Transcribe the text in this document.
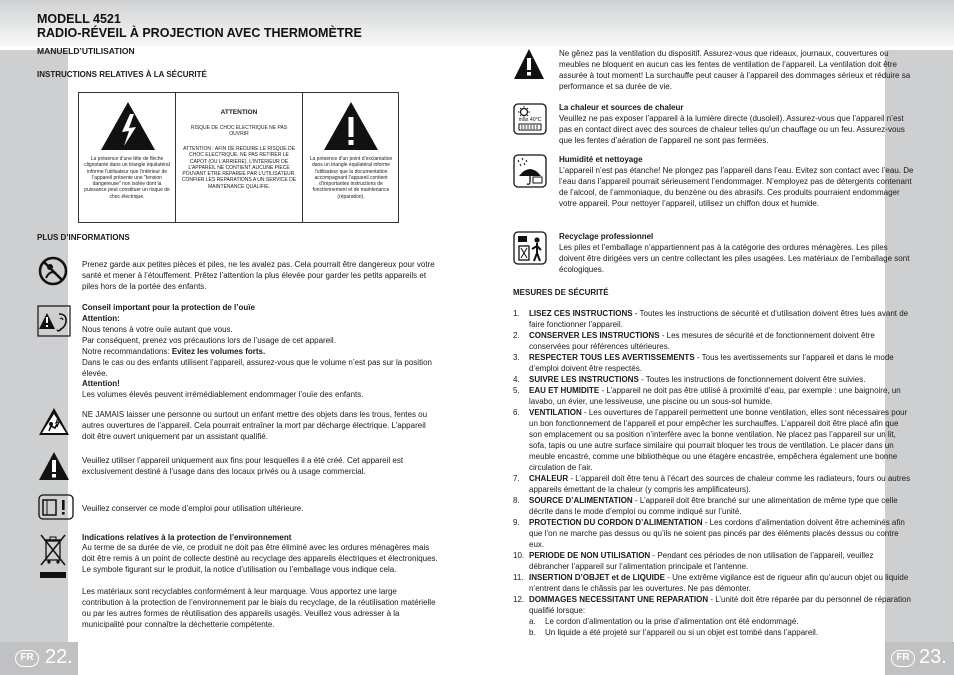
FR 22.	FR 23.
MODELL 4521
RADIO-RÉVEIL À PROJECTION AVEC THERMOMÈTRE
MANUELD’UTILISATION
INSTRUCTIONS RELATIVES À LA SÉCURITÉ
La présence d’une tête de flèche clignotante dans un triangle équilatéral informe l’utilisateur que l’intérieur de l’appareil présente une "tension dangereuse" non isolée dont la puissance peut constituer un risque de choc électrique.
ATTENTION
RISQUE DE CHOC ELECTRIQUE NE PAS OUVRIR
ATTENTION : AFIN DE REDUIRE LE RISQUE DE CHOC ELECTRIQUE, NE PAS RETIRER LE CAPOT (OU L’ARRIERE). L’INTERIEUR DE L’APPAREIL NE CONTIENT AUCUNE PIECE POUVANT ETRE REPAREE PAR L’UTILISATEUR. CONFIER LES REPARATIONS A UN SERVICE DE MAINTENANCE QUALIFIE.
La présence d’un point d’exclamation dans un triangle équilatéral informe l’utilisateur que la documentation accompagnant l’appareil contient d’importantes instructions de fonctionnement et de maintenance (réparation).
PLUS D’INFORMATIONS
Prenez garde aux petites pièces et piles, ne les avalez pas. Cela pourrait être dangereux pour votre santé et mener à l’étouffement. Prêtez l’attention la plus élevée pour garder les petits appareils et piles hors de la portée des enfants.
Conseil important pour la protection de l’ouïe
Attention:
Nous tenons à votre ouïe autant que vous.
Par conséquent, prenez vos précautions lors de l’usage de cet appareil.
Notre recommandations: Evitez les volumes forts.
Dans le cas ou des enfants utilisent l’appareil, assurez-vous que le volume n’est pas sur la position élevée.
Attention!
Les volumes élevés peuvent irrémédiablement endommager l’ouïe des enfants.
NE JAMAIS laisser une personne ou surtout un enfant mettre des objets dans les trous, fentes ou autres ouvertures de l’appareil. Cela pourrait entraîner la mort par décharge électrique. L’appareil doit être ouvert uniquement par un assistant qualifié.
Veuillez utiliser l’appareil uniquement aux fins pour lesquelles il a été créé. Cet appareil est exclusivement destiné à l’usage dans des locaux privés ou à usage commercial.
Veuillez conserver ce mode d’emploi pour utilisation ultérieure.
Indications relatives à la protection de l’environnement
Au terme de sa durée de vie, ce produit ne doit pas être éliminé avec les ordures ménagères mais doit être remis à un point de collecte destiné au recyclage des appareils électriques et électroniques. Le symbole figurant sur le produit, la notice d’utilisation ou l’emballage vous indique cela.
Les matériaux sont recyclables conformément à leur marquage. Vous apportez une large contribution à la protection de l’environnement par le biais du recyclage, de la réutilisation matérielle ou par les autres formes de réutilisation des appareils usagés. Veuillez vous adresser à la municipalité pour connaître la déchetterie compétente.
Ne gênez pas la ventilation du dispositif. Assurez-vous que rideaux, journaux, couvertures ou meubles ne bloquent en aucun cas les fentes de ventilation de l’appareil. La ventilation doit être assurée à tout moment! La surchauffe peut causer à l’appareil des dommages sérieux et réduire sa performance et sa durée de vie.
max 40°C
La chaleur et sources de chaleur
Veuillez ne pas exposer l’appareil à la lumière directe (dusoleil). Assurez-vous que l’appareil n’est pas en contact direct avec des sources de chaleur telles qu’un chauffage ou un feu. Assurez-vous que les fentes d’aération de l’appareil ne sont pas fermées.
Humidité et nettoyage
L’appareil n’est pas étanche! Ne plongez pas l’appareil dans l’eau. Evitez son contact avec l’eau. De l’eau dans l’appareil pourrait sérieusement l’endommager. N’employez pas de détergents contenant de l’alcool, de l’ammoniaque, du benzène ou des abrasifs. Ces produits pourraient endommager votre appareil. Pour nettoyer l’appareil, utilisez un chiffon doux et humide.
Recyclage professionnel
Les piles et l’emballage n’appartiennent pas à la catégorie des ordures ménagères. Les piles doivent être dirigées vers un centre collectant les piles usagées. Les matériaux de l’emballage sont écologiques.
MESURES DE SÉCURITÉ
1. LISEZ CES INSTRUCTIONS - Toutes les instructions de sécurité et d’utilisation doivent êtres lues avant de faire fonctionner l’appareil.
2. CONSERVER LES INSTRUCTIONS - Les mesures de sécurité et de fonctionnement doivent être conservées pour références ultérieures.
3. RESPECTER TOUS LES AVERTISSEMENTS - Tous les avertissements sur l’appareil et dans le mode d’emploi doivent être respectés.
4. SUIVRE LES INSTRUCTIONS - Toutes les instructions de fonctionnement doivent être suivies.
5. EAU ET HUMIDITE - L’appareil ne doit pas être utilisé à proximité d’eau, par exemple : une baignoire, un lavabo, un évier, une lessiveuse, une piscine ou un sous-sol humide.
6. VENTILATION - Les ouvertures de l’appareil permettent une bonne ventilation, elles sont nécessaires pour un bon fonctionnement de l’appareil et pour empêcher les surchauffes. L’appareil doit être placé afin que son emplacement ou sa position n’interfère avec la bonne ventilation. Ne placez pas l’appareil sur un lit, sofa, tapis ou une autre surface similaire qui pourrait bloquer les trous de ventilation. Le placer dans un meuble encastré, comme une bibliothèque ou une étagère encastrée, empêchera également une bonne circulation de l’air.
7. CHALEUR - L’appareil doit être tenu à l’écart des sources de chaleur comme les radiateurs, fours ou autres appareils émettant de la chaleur (y compris les amplificateurs).
8. SOURCE D’ALIMENTATION - L’appareil doit être branché sur une alimentation de même type que celle décrite dans le mode d’emploi ou comme indiqué sur l’unité.
9. PROTECTION DU CORDON D’ALIMENTATION - Les cordons d’alimentation doivent être acheminés afin que l’on ne marche pas dessus ou qu’ils ne soient pas pincés par des éléments placés dessus ou contre eux.
10. PERIODE DE NON UTILISATION - Pendant ces périodes de non utilisation de l’appareil, veuillez débrancher l’appareil sur l’alimentation principale et l’antenne.
11. INSERTION D’OBJET et de LIQUIDE - Une extrême vigilance est de rigueur afin qu’aucun objet ou liquide n’entrent dans le châssis par les ouvertures. Ne pas démonter.
12. DOMMAGES NECESSITANT UNE REPARATION - L’unité doit être réparée par du personnel de réparation qualifié lorsque:
a. Le cordon d’alimentation ou la prise d’alimentation ont été endommagé.
b. Un liquide a été projeté sur l’appareil ou si un objet est tombé dans l’appareil.
